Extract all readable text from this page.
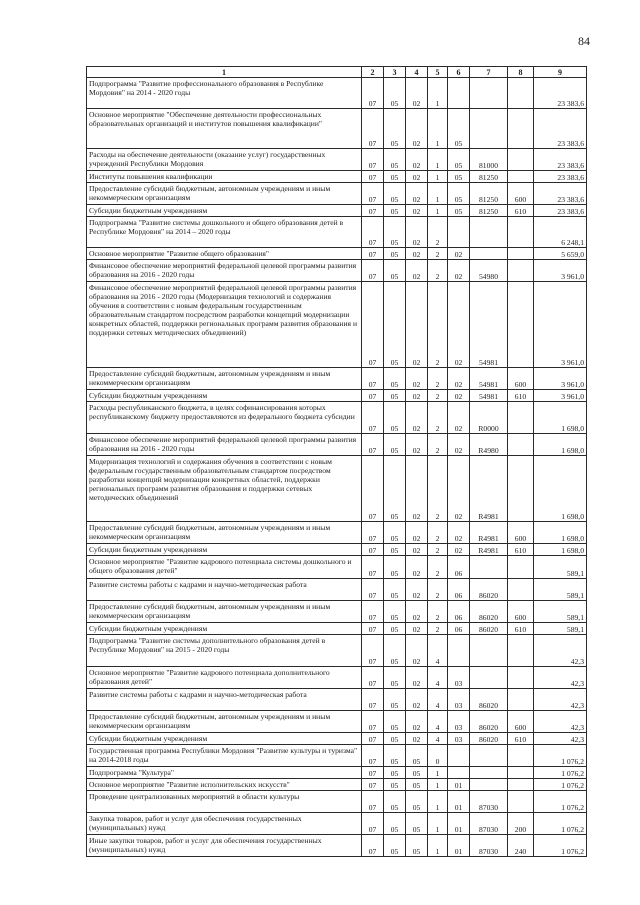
84
1	2	3	4	5	6	7	8	9
Подпрограмма "Развитие профессионального образования в Республике Мордовия" на 2014 - 2020 годы	07	05	02	1				23 383,6
Основное мероприятие "Обеспечение деятельности профессиональных образовательных организаций и институтов повышения квалификации"	07	05	02	1	05			23 383,6
Расходы на обеспечение деятельности (оказание услуг) государственных учреждений Республики Мордовия	07	05	02	1	05	81000		23 383,6
Институты повышения квалификации	07	05	02	1	05	81250		23 383,6
Предоставление субсидий бюджетным, автономным учреждениям и иным некоммерческим организациям	07	05	02	1	05	81250	600	23 383,6
Субсидии бюджетным учреждениям	07	05	02	1	05	81250	610	23 383,6
Подпрограмма "Развитие системы дошкольного и общего образования детей в Республике Мордовия" на 2014 – 2020 годы	07	05	02	2				6 248,1
Основное мероприятие "Развитие общего образования"	07	05	02	2	02			5 659,0
Финансовое обеспечение мероприятий федеральной целевой программы развития образования на 2016 - 2020 годы	07	05	02	2	02	54980		3 961,0
Финансовое обеспечение мероприятий федеральной целевой программы развития образования на 2016 - 2020 годы (Модернизация технологий и содержания обучения в соответствии с новым федеральным государственным образовательным стандартом посредством разработки концепций модернизации конкретных областей, поддержки региональных программ развития образования и поддержки сетевых методических объединений)	07	05	02	2	02	54981		3 961,0
Предоставление субсидий бюджетным, автономным учреждениям и иным некоммерческим организациям	07	05	02	2	02	54981	600	3 961,0
Субсидии бюджетным учреждениям	07	05	02	2	02	54981	610	3 961,0
Расходы республиканского бюджета, в целях софинансирования которых республиканскому бюджету предоставляются из федерального бюджета субсидии	07	05	02	2	02	R0000		1 698,0
Финансовое обеспечение мероприятий федеральной целевой программы развития образования на 2016 - 2020 годы	07	05	02	2	02	R4980		1 698,0
Модернизация технологий и содержания обучения в соответствии с новым федеральным государственным образовательным стандартом посредством разработки концепций модернизации конкретных областей, поддержки региональных программ развития образования и поддержки сетевых методических объединений	07	05	02	2	02	R4981		1 698,0
Предоставление субсидий бюджетным, автономным учреждениям и иным некоммерческим организациям	07	05	02	2	02	R4981	600	1 698,0
Субсидии бюджетным учреждениям	07	05	02	2	02	R4981	610	1 698,0
Основное мероприятие "Развитие кадрового потенциала системы дошкольного и общего образования детей"	07	05	02	2	06			589,1
Развитие системы работы с кадрами и научно-методическая работа	07	05	02	2	06	86020		589,1
Предоставление субсидий бюджетным, автономным учреждениям и иным некоммерческим организациям	07	05	02	2	06	86020	600	589,1
Субсидии бюджетным учреждениям	07	05	02	2	06	86020	610	589,1
Подпрограмма "Развитие системы дополнительного образования детей в Республике Мордовия" на 2015 - 2020 годы	07	05	02	4				42,3
Основное мероприятие "Развитие кадрового потенциала дополнительного образования детей"	07	05	02	4	03			42,3
Развитие системы работы с кадрами и научно-методическая работа	07	05	02	4	03	86020		42,3
Предоставление субсидий бюджетным, автономным учреждениям и иным некоммерческим организациям	07	05	02	4	03	86020	600	42,3
Субсидии бюджетным учреждениям	07	05	02	4	03	86020	610	42,3
Государственная программа Республики Мордовия "Развитие культуры и туризма" на 2014-2018 годы	07	05	05	0				1 076,2
Подпрограмма "Культура"	07	05	05	1				1 076,2
Основное мероприятие "Развитие исполнительских искусств"	07	05	05	1	01			1 076,2
Проведение централизованных мероприятий в области культуры	07	05	05	1	01	87030		1 076,2
Закупка товаров, работ и услуг для обеспечения государственных (муниципальных) нужд	07	05	05	1	01	87030	200	1 076,2
Иные закупки товаров, работ и услуг для обеспечения государственных (муниципальных) нужд	07	05	05	1	01	87030	240	1 076,2
